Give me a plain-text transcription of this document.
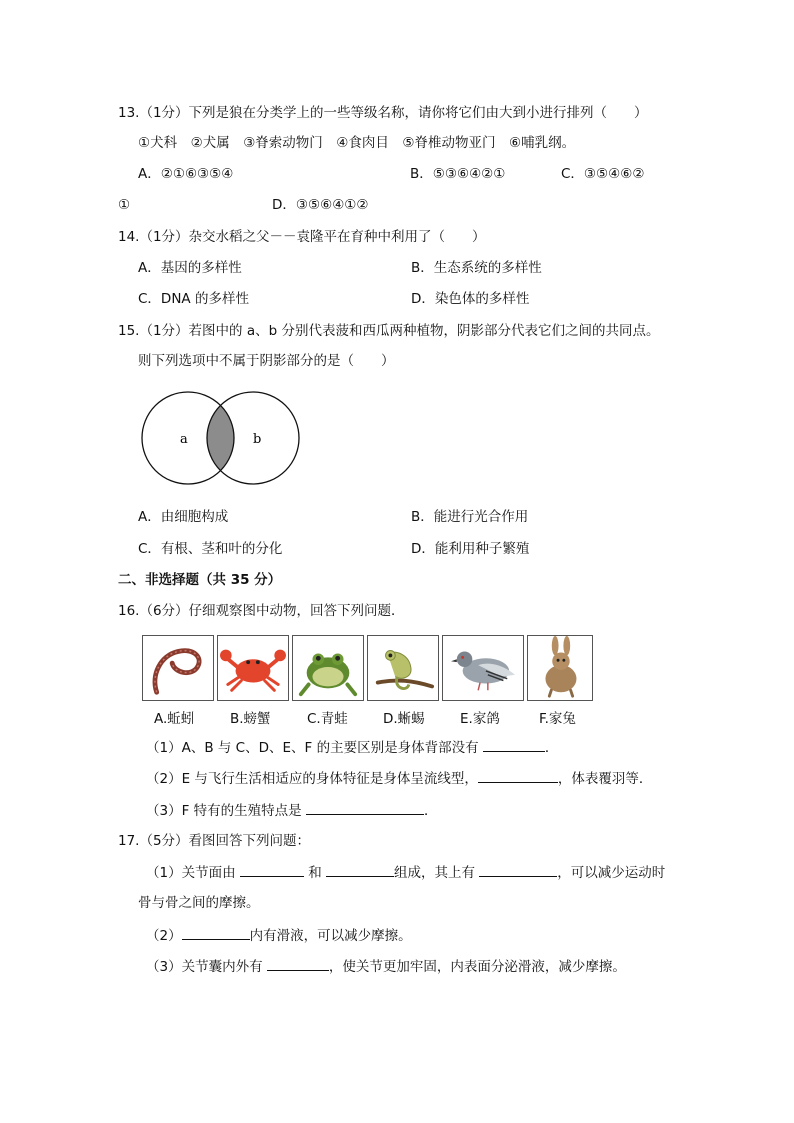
13.（1分）下列是狼在分类学上的一些等级名称，请你将它们由大到小进行排列（　　）
①犬科　②犬属　③脊索动物门　④食肉目　⑤脊椎动物亚门　⑥哺乳纲。
A．②①⑥③⑤④	B．⑤③⑥④②①	C．③⑤④⑥②
①	D．③⑤⑥④①②
14.（1分）杂交水稻之父－－袁隆平在育种中利用了（　　）
A．基因的多样性	B．生态系统的多样性
C．DNA 的多样性	D．染色体的多样性
15.（1分）若图中的 a、b 分别代表菠和西瓜两种植物，阴影部分代表它们之间的共同点。
则下列选项中不属于阴影部分的是（　　）
a	b
A．由细胞构成	B．能进行光合作用
C．有根、茎和叶的分化	D．能利用种子繁殖
二、非选择题（共 35 分）
16.（6分）仔细观察图中动物，回答下列问题．
A.蚯蚓	B.螃蟹	C.青蛙	D.蜥蜴	E.家鸽	F.家兔
（1）A、B 与 C、D、E、F 的主要区别是身体背部没有	．
（2）E 与飞行生活相适应的身体特征是身体呈流线型，	，体表覆羽等．
（3）F 特有的生殖特点是	．
17.（5分）看图回答下列问题：
（1）关节面由	和	组成，其上有	，可以减少运动时
骨与骨之间的摩擦。
（2）	内有滑液，可以减少摩擦。
（3）关节囊内外有	，使关节更加牢固，内表面分泌滑液，减少摩擦。
